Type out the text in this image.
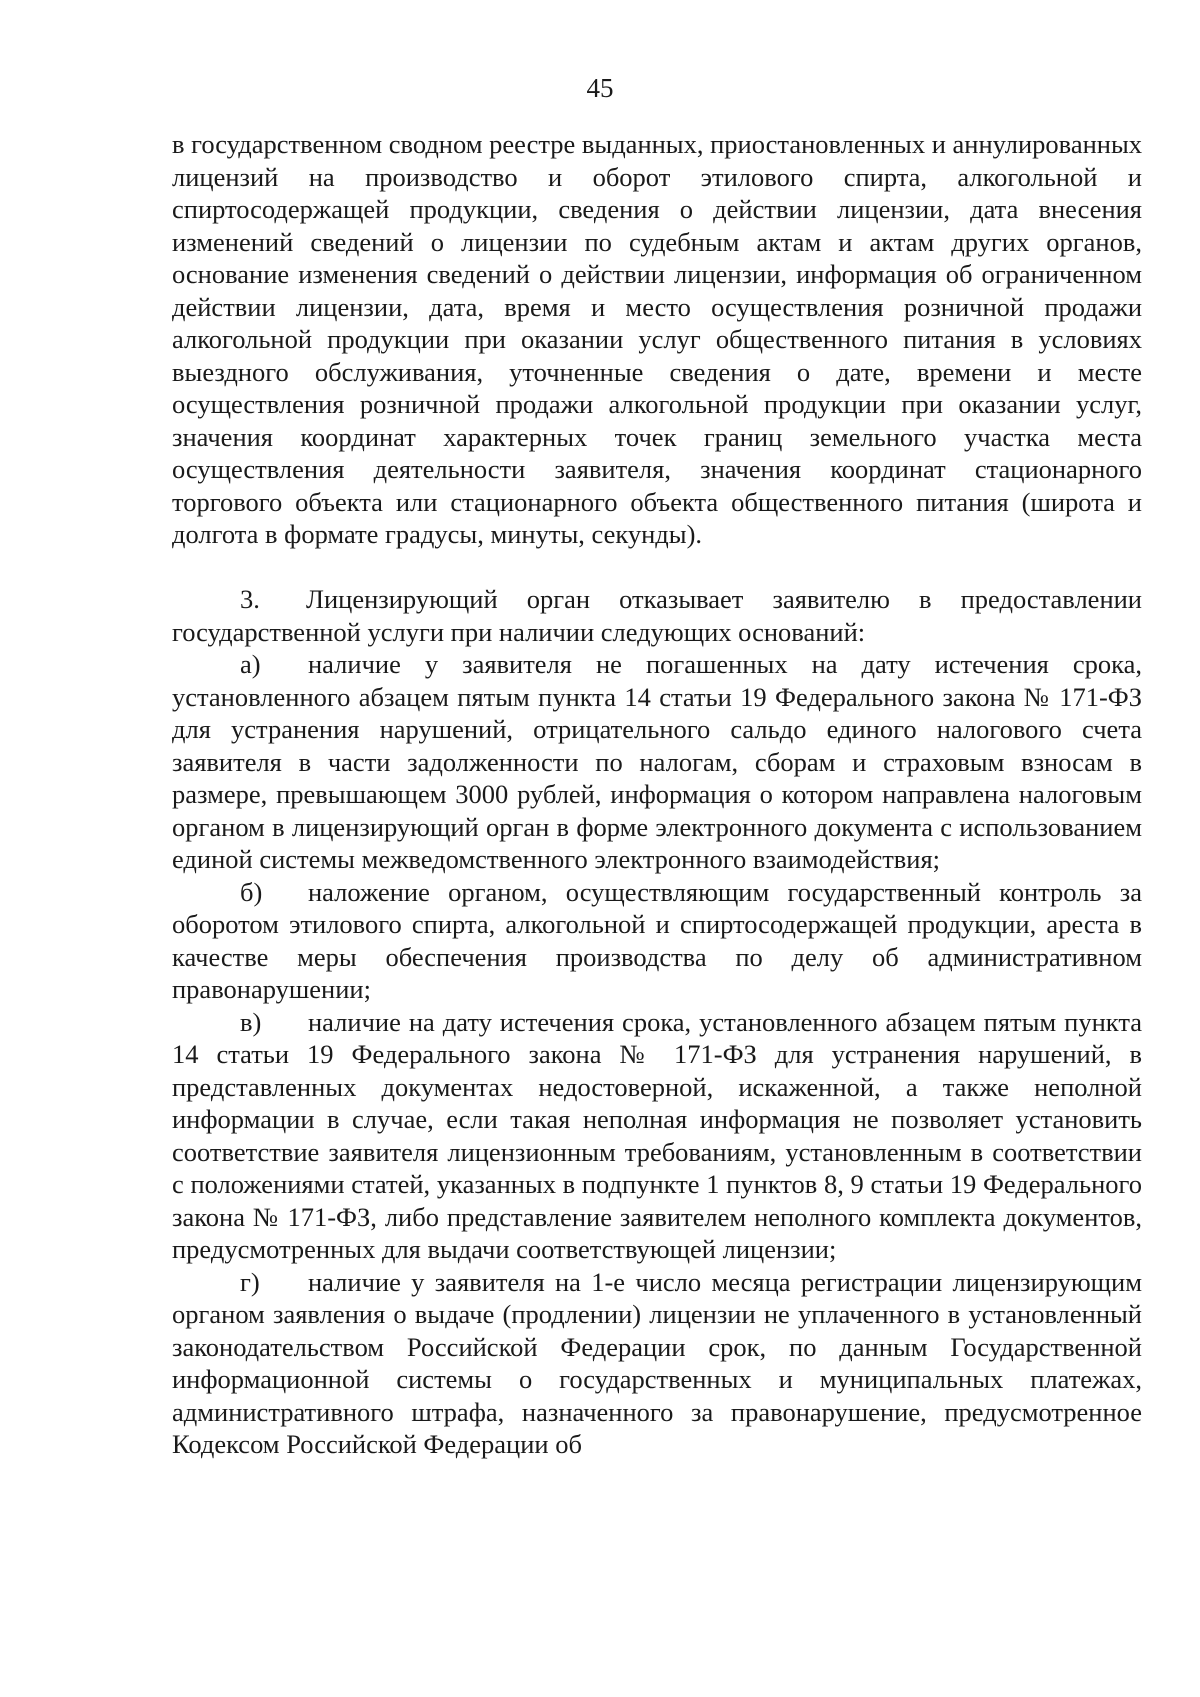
45

в государственном сводном реестре выданных, приостановленных и аннулированных лицензий на производство и оборот этилового спирта, алкогольной и спиртосодержащей продукции, сведения о действии лицензии, дата внесения изменений сведений о лицензии по судебным актам и актам других органов, основание изменения сведений о действии лицензии, информация об ограниченном действии лицензии, дата, время и место осуществления розничной продажи алкогольной продукции при оказании услуг общественного питания в условиях выездного обслуживания, уточненные сведения о дате, времени и месте осуществления розничной продажи алкогольной продукции при оказании услуг, значения координат характерных точек границ земельного участка места осуществления деятельности заявителя, значения координат стационарного торгового объекта или стационарного объекта общественного питания (широта и долгота в формате градусы, минуты, секунды).

3. Лицензирующий орган отказывает заявителю в предоставлении государственной услуги при наличии следующих оснований:

а) наличие у заявителя не погашенных на дату истечения срока, установленного абзацем пятым пункта 14 статьи 19 Федерального закона № 171-ФЗ для устранения нарушений, отрицательного сальдо единого налогового счета заявителя в части задолженности по налогам, сборам и страховым взносам в размере, превышающем 3000 рублей, информация о котором направлена налоговым органом в лицензирующий орган в форме электронного документа с использованием единой системы межведомственного электронного взаимодействия;

б) наложение органом, осуществляющим государственный контроль за оборотом этилового спирта, алкогольной и спиртосодержащей продукции, ареста в качестве меры обеспечения производства по делу об административном правонарушении;

в) наличие на дату истечения срока, установленного абзацем пятым пункта 14 статьи 19 Федерального закона № 171-ФЗ для устранения нарушений, в представленных документах недостоверной, искаженной, а также неполной информации в случае, если такая неполная информация не позволяет установить соответствие заявителя лицензионным требованиям, установленным в соответствии с положениями статей, указанных в подпункте 1 пунктов 8, 9 статьи 19 Федерального закона № 171-ФЗ, либо представление заявителем неполного комплекта документов, предусмотренных для выдачи соответствующей лицензии;

г) наличие у заявителя на 1-е число месяца регистрации лицензирующим органом заявления о выдаче (продлении) лицензии не уплаченного в установленный законодательством Российской Федерации срок, по данным Государственной информационной системы о государственных и муниципальных платежах, административного штрафа, назначенного за правонарушение, предусмотренное Кодексом Российской Федерации об
